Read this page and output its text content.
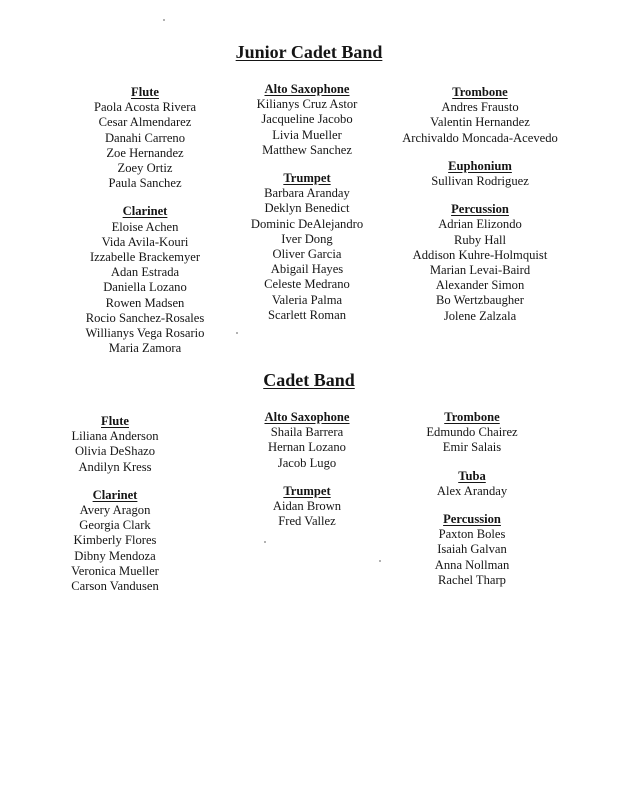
Junior Cadet Band
Flute
Paola Acosta Rivera
Cesar Almendarez
Danahi Carreno
Zoe Hernandez
Zoey Ortiz
Paula Sanchez
Clarinet
Eloise Achen
Vida Avila-Kouri
Izzabelle Brackemyer
Adan Estrada
Daniella Lozano
Rowen Madsen
Rocio Sanchez-Rosales
Willianys Vega Rosario
Maria Zamora
Alto Saxophone
Kilianys Cruz Astor
Jacqueline Jacobo
Livia Mueller
Matthew Sanchez
Trumpet
Barbara Aranday
Deklyn Benedict
Dominic DeAlejandro
Iver Dong
Oliver Garcia
Abigail Hayes
Celeste Medrano
Valeria Palma
Scarlett Roman
Trombone
Andres Frausto
Valentin Hernandez
Archivaldo Moncada-Acevedo
Euphonium
Sullivan Rodriguez
Percussion
Adrian Elizondo
Ruby Hall
Addison Kuhre-Holmquist
Marian Levai-Baird
Alexander Simon
Bo Wertzbaugher
Jolene Zalzala
Cadet Band
Flute
Liliana Anderson
Olivia DeShazo
Andilyn Kress
Clarinet
Avery Aragon
Georgia Clark
Kimberly Flores
Dibny Mendoza
Veronica Mueller
Carson Vandusen
Alto Saxophone
Shaila Barrera
Hernan Lozano
Jacob Lugo
Trumpet
Aidan Brown
Fred Vallez
Trombone
Edmundo Chairez
Emir Salais
Tuba
Alex Aranday
Percussion
Paxton Boles
Isaiah Galvan
Anna Nollman
Rachel Tharp
